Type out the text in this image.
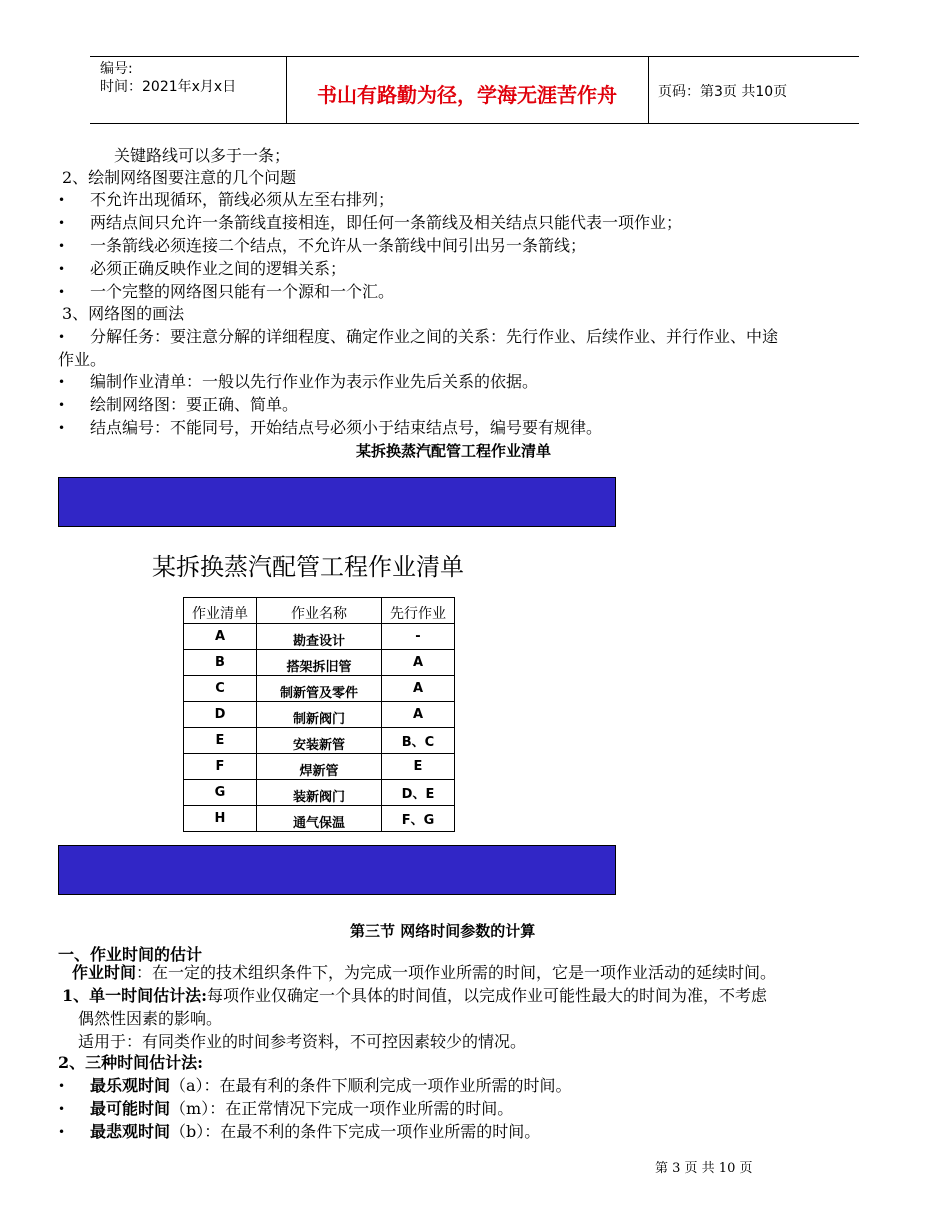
编号:
时间：2021年x月x日	书山有路勤为径，学海无涯苦作舟	页码：第3页 共10页
关键路线可以多于一条；
2、绘制网络图要注意的几个问题
• 不允许出现循环，箭线必须从左至右排列；
• 两结点间只允许一条箭线直接相连，即任何一条箭线及相关结点只能代表一项作业；
• 一条箭线必须连接二个结点，不允许从一条箭线中间引出另一条箭线；
• 必须正确反映作业之间的逻辑关系；
• 一个完整的网络图只能有一个源和一个汇。
3、网络图的画法
• 分解任务：要注意分解的详细程度、确定作业之间的关系：先行作业、后续作业、并行作业、中途
作业。
• 编制作业清单：一般以先行作业作为表示作业先后关系的依据。
• 绘制网络图：要正确、简单。
• 结点编号：不能同号，开始结点号必须小于结束结点号，编号要有规律。
某拆换蒸汽配管工程作业清单
某拆换蒸汽配管工程作业清单
作业清单	作业名称	先行作业
A	勘查设计	-
B	搭架拆旧管	A
C	制新管及零件	A
D	制新阀门	A
E	安装新管	B、C
F	焊新管	E
G	装新阀门	D、E
H	通气保温	F、G
第三节 网络时间参数的计算
一、作业时间的估计
作业时间：在一定的技术组织条件下，为完成一项作业所需的时间，它是一项作业活动的延续时间。
1、单一时间估计法:每项作业仅确定一个具体的时间值，以完成作业可能性最大的时间为准，不考虑
偶然性因素的影响。
适用于：有同类作业的时间参考资料，不可控因素较少的情况。
2、三种时间估计法:
• 最乐观时间（a）：在最有利的条件下顺利完成一项作业所需的时间。
• 最可能时间（m）：在正常情况下完成一项作业所需的时间。
• 最悲观时间（b）：在最不利的条件下完成一项作业所需的时间。
第 3 页 共 10 页
